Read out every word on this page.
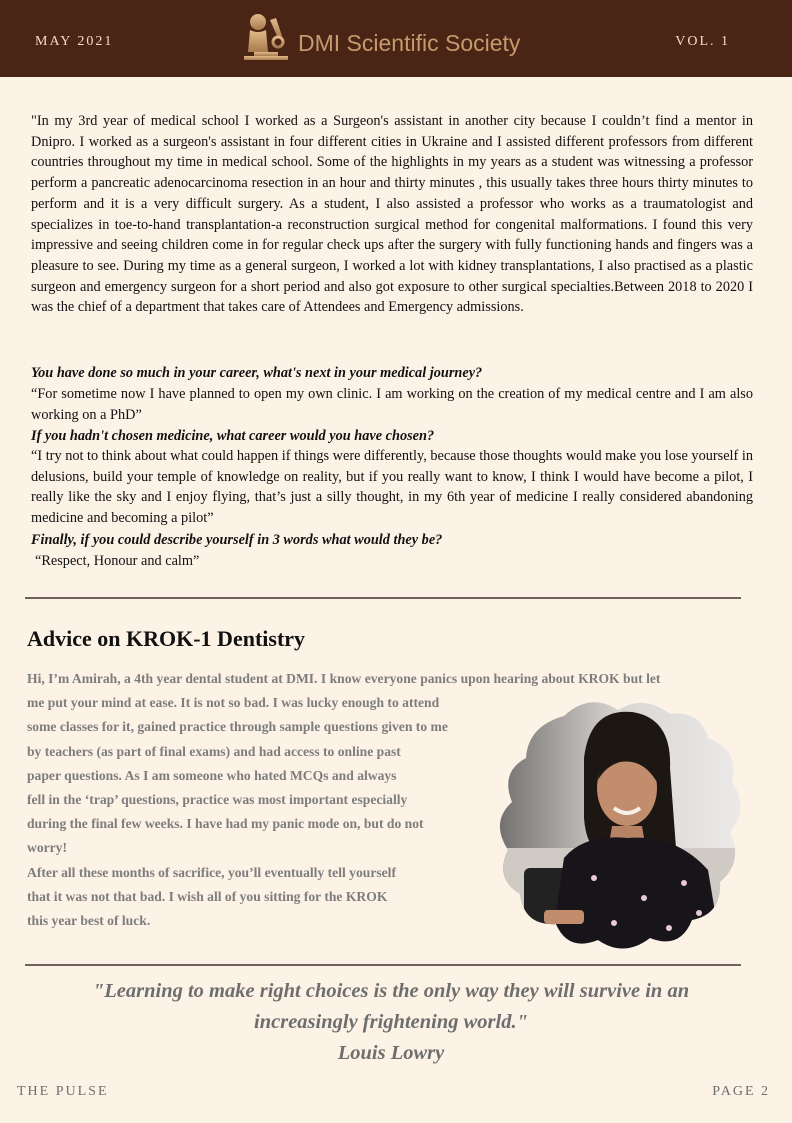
MAY 2021	DMI Scientific Society	VOL. 1
"In my 3rd year of medical school I worked as a Surgeon's assistant in another city because I couldn’t find a mentor in Dnipro. I worked as a surgeon's assistant in four different cities in Ukraine and I assisted different professors from different countries throughout my time in medical school. Some of the highlights in my years as a student was witnessing a professor perform a pancreatic adenocarcinoma resection in an hour and thirty minutes , this usually takes three hours thirty minutes to perform and it is a very difficult surgery. As a student, I also assisted a professor who works as a traumatologist and specializes in toe-to-hand transplantation-a reconstruction surgical method for congenital malformations. I found this very impressive and seeing children come in for regular check ups after the surgery with fully functioning hands and fingers was a pleasure to see. During my time as a general surgeon, I worked a lot with kidney transplantations, I also practised as a plastic surgeon and emergency surgeon for a short period and also got exposure to other surgical specialties.Between 2018 to 2020 I was the chief of a department that takes care of Attendees and Emergency admissions.
You have done so much in your career, what's next in your medical journey?
“For sometime now I have planned to open my own clinic. I am working on the creation of my medical centre and I am also working on a PhD”
If you hadn't chosen medicine, what career would you have chosen?
“I try not to think about what could happen if things were differently, because those thoughts would make you lose yourself in delusions, build your temple of knowledge on reality, but if you really want to know, I think I would have become a pilot, I really like the sky and I enjoy flying, that’s just a silly thought, in my 6th year of medicine I really considered abandoning medicine and becoming a pilot”
Finally, if you could describe yourself in 3 words what would they be?
“Respect, Honour and calm”
Advice on KROK-1 Dentistry
Hi, I’m Amirah, a 4th year dental student at DMI. I know everyone panics upon hearing about KROK but let
me put your mind at ease. It is not so bad. I was lucky enough to attend
some classes for it, gained practice through sample questions given to me
by teachers (as part of final exams) and had access to online past
paper questions. As I am someone who hated MCQs and always
fell in the ‘trap’ questions, practice was most important especially
during the final few weeks. I have had my panic mode on, but do not
worry!
After all these months of sacrifice, you’ll eventually tell yourself
that it was not that bad. I wish all of you sitting for the KROK
this year best of luck.
"Learning to make right choices is the only way they will survive in an
increasingly frightening world."
Louis Lowry
THE PULSE	PAGE 2
